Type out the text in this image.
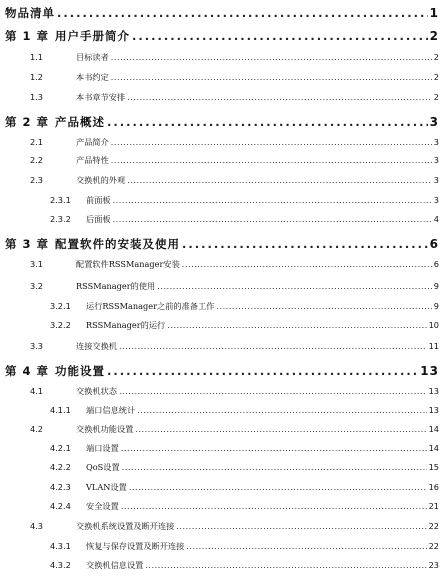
物品清单 .....	1
第 1 章 用户手册简介 .....	2
1.1	目标读者 .....	2
1.2	本书约定 .....	2
1.3	本书章节安排 .....	2
第 2 章 产品概述 .....	3
2.1	产品简介 .....	3
2.2	产品特性 .....	3
2.3	交换机的外观 .....	3
2.3.1	前面板 .....	3
2.3.2	后面板 .....	4
第 3 章 配置软件的安装及使用 .....	6
3.1	配置软件RSSManager安装 .....	6
3.2	RSSManager的使用 .....	9
3.2.1	运行RSSManager之前的准备工作 .....	9
3.2.2	RSSManager的运行 .....	10
3.3	连接交换机 .....	11
第 4 章 功能设置 .....	13
4.1	交换机状态 .....	13
4.1.1	端口信息统计 .....	13
4.2	交换机功能设置 .....	14
4.2.1	端口设置 .....	14
4.2.2	QoS设置 .....	15
4.2.3	VLAN设置 .....	16
4.2.4	安全设置 .....	21
4.3	交换机系统设置及断开连接 .....	22
4.3.1	恢复与保存设置及断开连接 .....	22
4.3.2	交换机信息设置 .....	23
